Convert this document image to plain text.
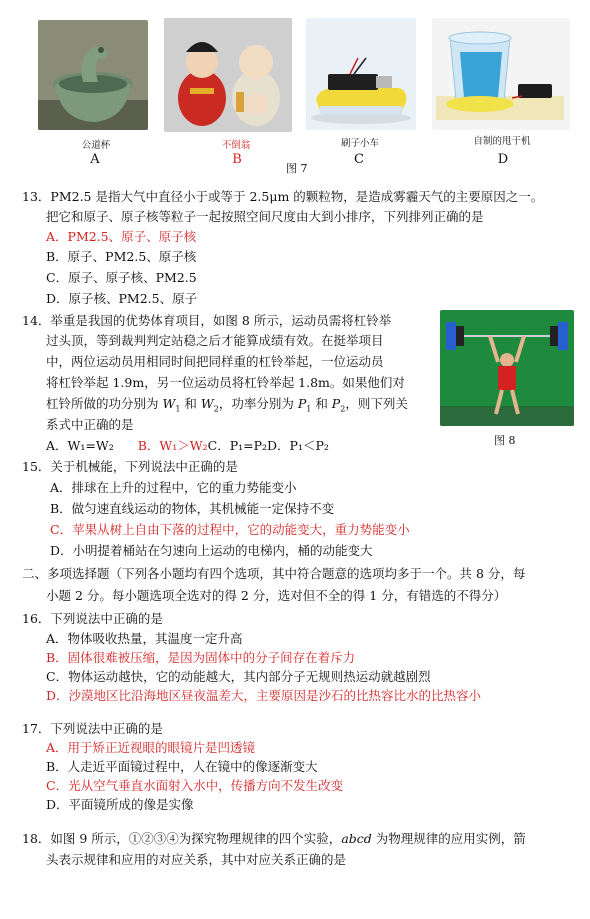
公道杯	不倒翁	刷子小车	自制的甩干机
A	B	C	D
图 7
13．PM2.5 是指大气中直径小于或等于 2.5μm 的颗粒物，是造成雾霾天气的主要原因之一。
把它和原子、原子核等粒子一起按照空间尺度由大到小排序，下列排列正确的是
A．PM2.5、原子、原子核
B．原子、PM2.5、原子核
C．原子、原子核、PM2.5
D．原子核、PM2.5、原子
14．举重是我国的优势体育项目，如图 8 所示，运动员需将杠铃举
过头顶，等到裁判判定站稳之后才能算成绩有效。在挺举项目
中，两位运动员用相同时间把同样重的杠铃举起，一位运动员
将杠铃举起 1.9m，另一位运动员将杠铃举起 1.8m。如果他们对
杠铃所做的功分别为 $W_1$ 和 $W_2$，功率分别为 $P_1$ 和 $P_2$，则下列关
系式中正确的是
A．W₁=W₂ B．W₁＞W₂C．P₁=P₂D．P₁＜P₂	图 8
15．关于机械能，下列说法中正确的是
A．排球在上升的过程中，它的重力势能变小
B．做匀速直线运动的物体，其机械能一定保持不变
C．苹果从树上自由下落的过程中，它的动能变大，重力势能变小
D．小明提着桶站在匀速向上运动的电梯内，桶的动能变大
二、多项选择题（下列各小题均有四个选项，其中符合题意的选项均多于一个。共 8 分，每
小题 2 分。每小题选项全选对的得 2 分，选对但不全的得 1 分，有错选的不得分）
16．下列说法中正确的是
A．物体吸收热量，其温度一定升高
B．固体很难被压缩，是因为固体中的分子间存在着斥力
C．物体运动越快，它的动能越大，其内部分子无规则热运动就越剧烈
D．沙漠地区比沿海地区昼夜温差大，主要原因是沙石的比热容比水的比热容小
17．下列说法中正确的是
A．用于矫正近视眼的眼镜片是凹透镜
B．人走近平面镜过程中，人在镜中的像逐渐变大
C．光从空气垂直水面射入水中，传播方向不发生改变
D．平面镜所成的像是实像
18．如图 9 所示，①②③④为探究物理规律的四个实验，abcd 为物理规律的应用实例，箭
头表示规律和应用的对应关系，其中对应关系正确的是
